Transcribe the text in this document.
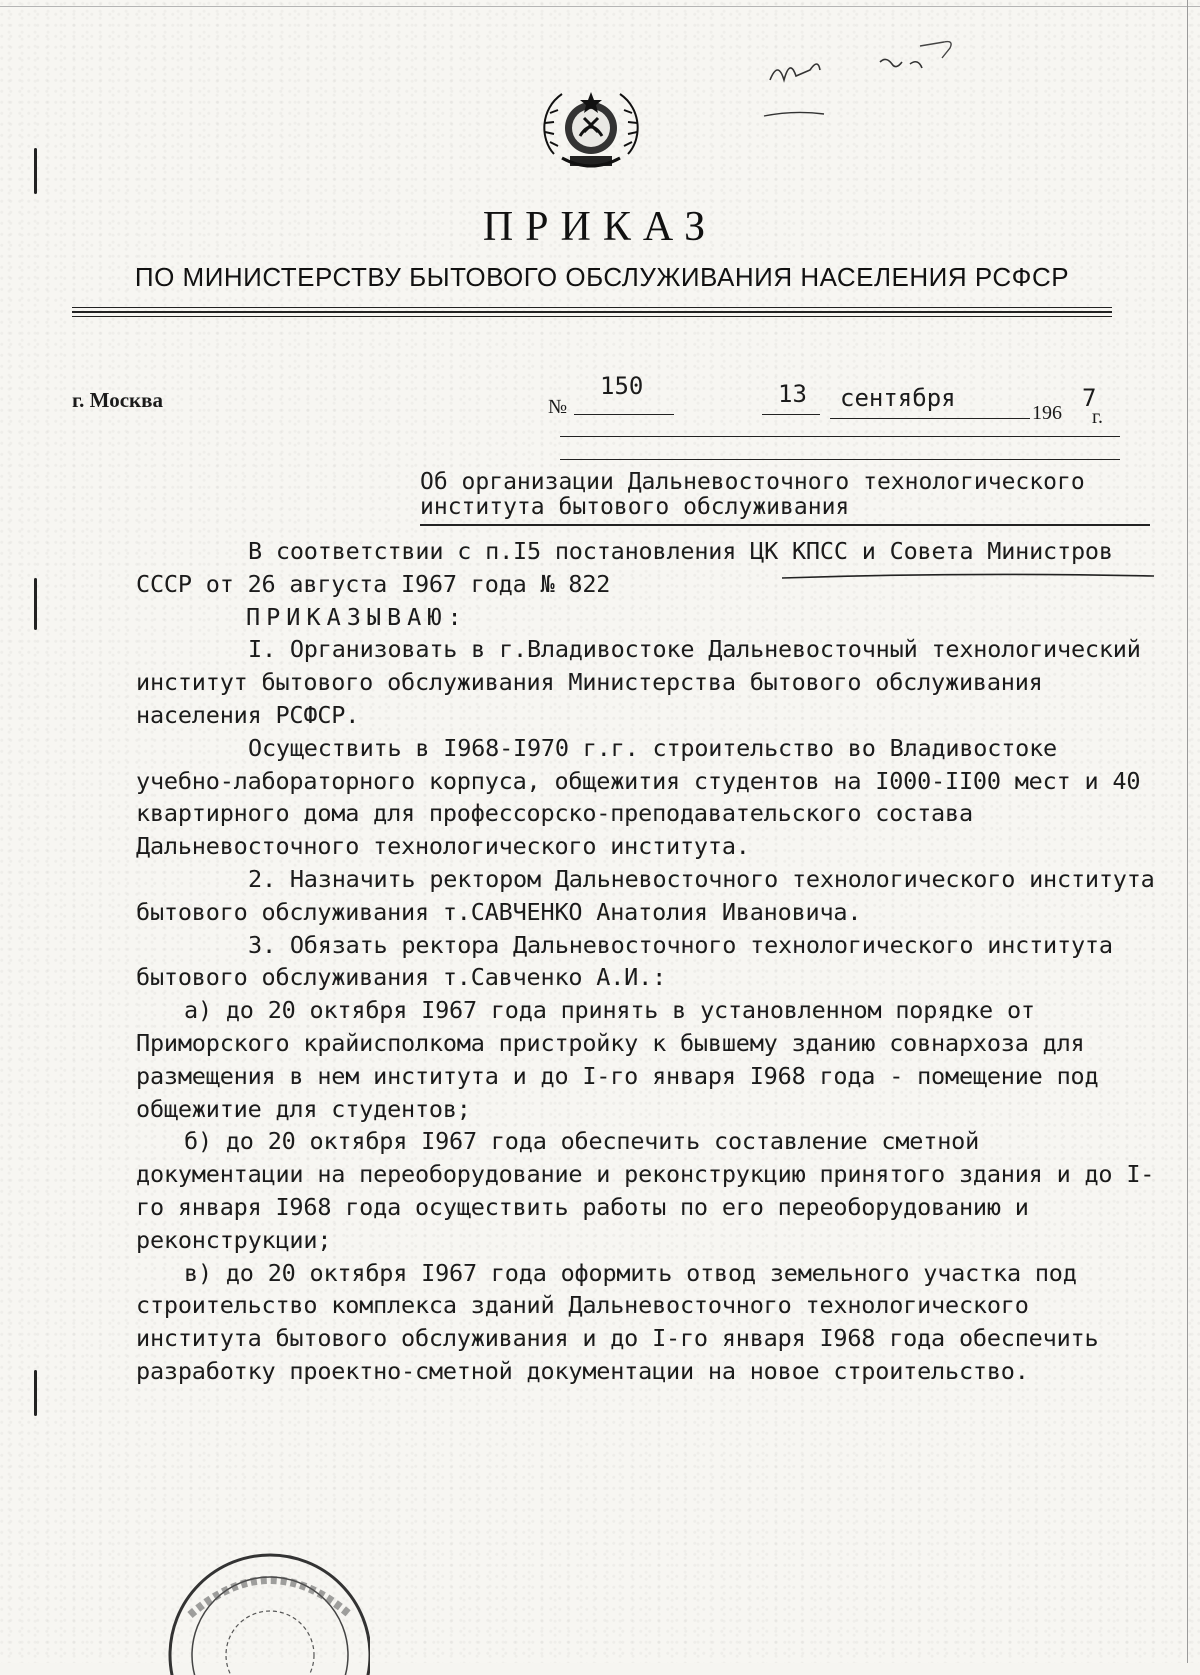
ПРИКАЗ
ПО МИНИСТЕРСТВУ БЫТОВОГО ОБСЛУЖИВАНИЯ НАСЕЛЕНИЯ РСФСР
г. Москва	№
150	13 сентября
196
7
г.
Об организации Дальневосточного технологического
института бытового обслуживания

В соответствии с п.I5 постановления ЦК КПСС и Совета Министров СССР от 26 августа I967 года № 822

ПРИКАЗЫВАЮ:

I. Организовать в г.Владивостоке Дальневосточный технологический институт бытового обслуживания Министерства бытового обслуживания населения РСФСР.

Осуществить в I968-I970 г.г. строительство во Владивостоке учебно-лабораторного корпуса, общежития студентов на I000-II00 мест и 40 квартирного дома для профессорско-преподавательского состава Дальневосточного технологического института.

2. Назначить ректором Дальневосточного технологического института бытового обслуживания т.САВЧЕНКО Анатолия Ивановича.

3. Обязать ректора Дальневосточного технологического института бытового обслуживания т.Савченко А.И.:

а) до 20 октября I967 года принять в установленном порядке от Приморского крайисполкома пристройку к бывшему зданию совнархоза для размещения в нем института и до I-го января I968 года - помещение под общежитие для студентов;

б) до 20 октября I967 года обеспечить составление сметной документации на переоборудование и реконструкцию принятого здания и до I-го января I968 года осуществить работы по его переоборудованию и реконструкции;

в) до 20 октября I967 года оформить отвод земельного участка под строительство комплекса зданий Дальневосточного технологического института бытового обслуживания и до I-го января I968 года обеспечить разработку проектно-сметной документации на новое строительство.
